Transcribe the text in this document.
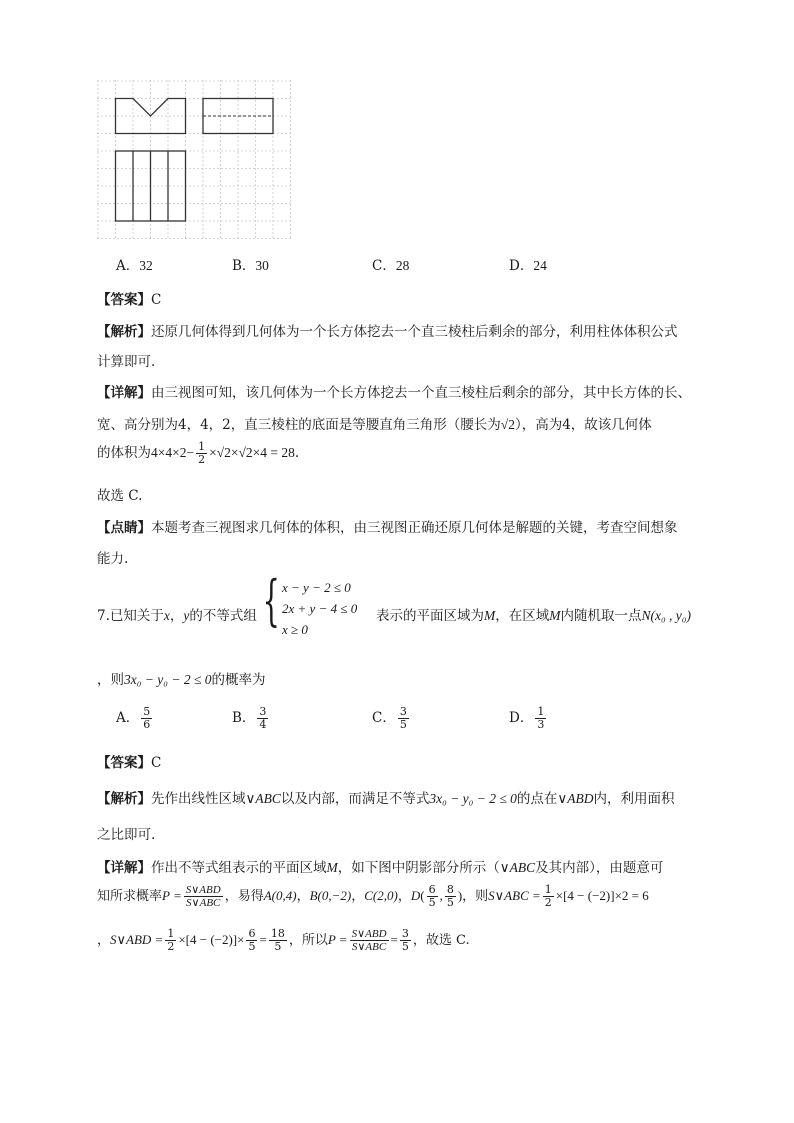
A．32	B．30	C．28	D．24
【答案】C
【解析】还原几何体得到几何体为一个长方体挖去一个直三棱柱后剩余的部分，利用柱体体积公式
计算即可.
【详解】由三视图可知，该几何体为一个长方体挖去一个直三棱柱后剩余的部分，其中长方体的长、
宽、高分别为4，4，2，直三棱柱的底面是等腰直角三角形（腰长为√2），高为4，故该几何体
的体积为$4\times 4\times 2- \frac{1}{2} \times√2\times√2\times 4 = 28$.
故选 C.
【点睛】本题考查三视图求几何体的体积，由三视图正确还原几何体是解题的关键，考查空间想象
能力.
7.已知关于x，y的不等式组 { x − y − 2 ≤ 0
2x + y − 4 ≤ 0
x ≥ 0
表示的平面区域为M，在区域M内随机取一点N(x₀ , y₀)
，则3x₀ − y₀ − 2 ≤ 0的概率为
A． $\frac{5}{6}$	B． $\frac{3}{4}$	C． $\frac{3}{5}$	D． $\frac{1}{3}$
【答案】C
【解析】先作出线性区域∨ABC以及内部，而满足不等式3x₀ − y₀ − 2 ≤ 0的点在∨ABD内，利用面积
之比即可.
【详解】作出不等式组表示的平面区域M，如下图中阴影部分所示（∨ABC及其内部），由题意可
知所求概率$P = \frac{\text{S∨ABD}}{\text{S∨ABC}}$ ，易得A(0,4)，B(0,−2)，C(2,0)，$D( \frac{6}{5}$ , $\frac{8}{5}$ )，则S∨ABC = $\frac{1}{2} \times[4 - (-2)]\times 2 = 6$
，S∨ABD = $\frac{1}{2} \times[4 - (-2)]\times \frac{6}{5} = \frac{18}{5}$ ，所以$P = \frac{\text{S∨ABD}}{\text{S∨ABC}} = \frac{3}{5}$ ，故选 C.
